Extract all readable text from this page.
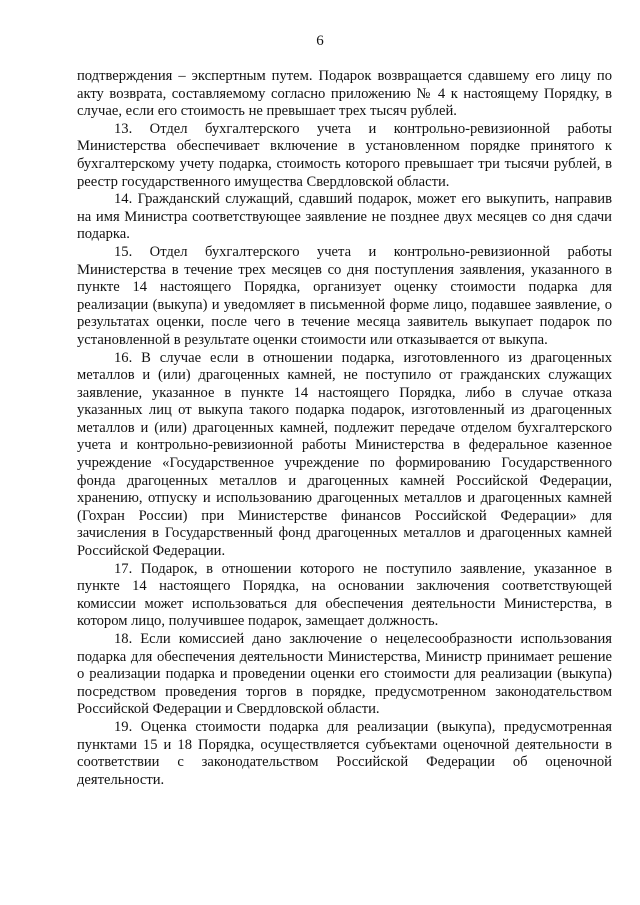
6

подтверждения – экспертным путем. Подарок возвращается сдавшему его лицу по акту возврата, составляемому согласно приложению № 4 к настоящему Порядку, в случае, если его стоимость не превышает трех тысяч рублей.

13. Отдел бухгалтерского учета и контрольно-ревизионной работы Министерства обеспечивает включение в установленном порядке принятого к бухгалтерскому учету подарка, стоимость которого превышает три тысячи рублей, в реестр государственного имущества Свердловской области.

14. Гражданский служащий, сдавший подарок, может его выкупить, направив на имя Министра соответствующее заявление не позднее двух месяцев со дня сдачи подарка.

15. Отдел бухгалтерского учета и контрольно-ревизионной работы Министерства в течение трех месяцев со дня поступления заявления, указанного в пункте 14 настоящего Порядка, организует оценку стоимости подарка для реализации (выкупа) и уведомляет в письменной форме лицо, подавшее заявление, о результатах оценки, после чего в течение месяца заявитель выкупает подарок по установленной в результате оценки стоимости или отказывается от выкупа.

16. В случае если в отношении подарка, изготовленного из драгоценных металлов и (или) драгоценных камней, не поступило от гражданских служащих заявление, указанное в пункте 14 настоящего Порядка, либо в случае отказа указанных лиц от выкупа такого подарка подарок, изготовленный из драгоценных металлов и (или) драгоценных камней, подлежит передаче отделом бухгалтерского учета и контрольно-ревизионной работы Министерства в федеральное казенное учреждение «Государственное учреждение по формированию Государственного фонда драгоценных металлов и драгоценных камней Российской Федерации, хранению, отпуску и использованию драгоценных металлов и драгоценных камней (Гохран России) при Министерстве финансов Российской Федерации» для зачисления в Государственный фонд драгоценных металлов и драгоценных камней Российской Федерации.

17. Подарок, в отношении которого не поступило заявление, указанное в пункте 14 настоящего Порядка, на основании заключения соответствующей комиссии может использоваться для обеспечения деятельности Министерства, в котором лицо, получившее подарок, замещает должность.

18. Если комиссией дано заключение о нецелесообразности использования подарка для обеспечения деятельности Министерства, Министр принимает решение о реализации подарка и проведении оценки его стоимости для реализации (выкупа) посредством проведения торгов в порядке, предусмотренном законодательством Российской Федерации и Свердловской области.

19. Оценка стоимости подарка для реализации (выкупа), предусмотренная пунктами 15 и 18 Порядка, осуществляется субъектами оценочной деятельности в соответствии с законодательством Российской Федерации об оценочной деятельности.
